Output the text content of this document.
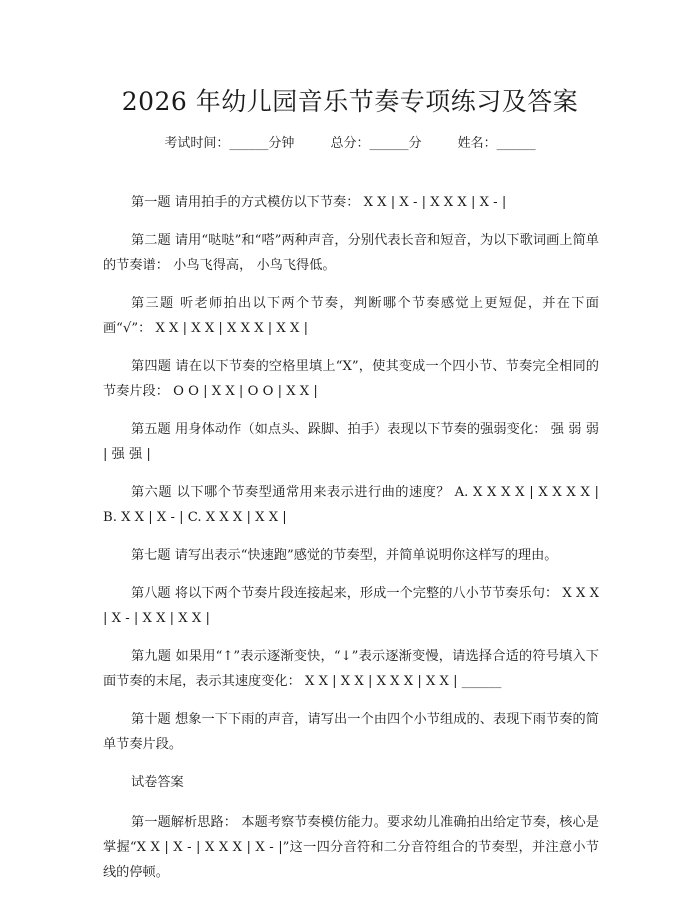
2026 年幼儿园音乐节奏专项练习及答案
考试时间：______分钟	总分：______分	姓名：______

第一题 请用拍手的方式模仿以下节奏： X X | X - | X X X | X - |

第二题 请用“哒哒”和“嗒”两种声音，分别代表长音和短音，为以下歌词画上简单的节奏谱： 小鸟飞得高， 小鸟飞得低。

第三题 听老师拍出以下两个节奏，判断哪个节奏感觉上更短促，并在下面画“√”： X X | X X | X X X | X X |

第四题 请在以下节奏的空格里填上“X”，使其变成一个四小节、节奏完全相同的节奏片段： O O | X X | O O | X X |

第五题 用身体动作（如点头、跺脚、拍手）表现以下节奏的强弱变化： 强 弱 弱 | 强 强 |

第六题 以下哪个节奏型通常用来表示进行曲的速度？ A. X X X X | X X X X | B. X X | X - | C. X X X | X X |

第七题 请写出表示“快速跑”感觉的节奏型，并简单说明你这样写的理由。

第八题 将以下两个节奏片段连接起来，形成一个完整的八小节节奏乐句： X X X | X - | X X | X X |

第九题 如果用“↑”表示逐渐变快，“↓”表示逐渐变慢，请选择合适的符号填入下面节奏的末尾，表示其速度变化： X X | X X | X X X | X X | ______

第十题 想象一下下雨的声音，请写出一个由四个小节组成的、表现下雨节奏的简单节奏片段。

试卷答案

第一题解析思路： 本题考察节奏模仿能力。要求幼儿准确拍出给定节奏，核心是掌握“X X | X - | X X X | X - |”这一四分音符和二分音符组合的节奏型，并注意小节线的停顿。
